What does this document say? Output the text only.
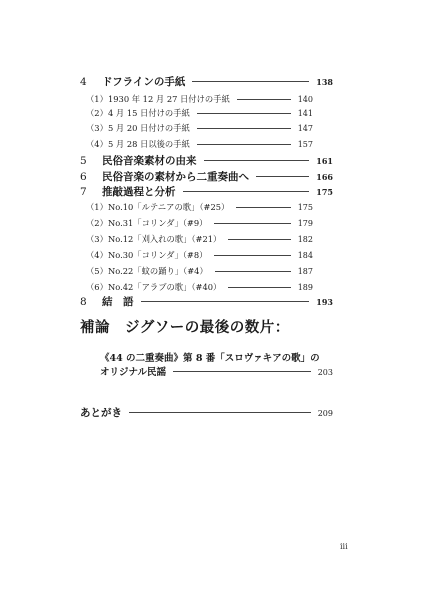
4	ドフラインの手紙	138
（1） 1930 年 12 月 27 日付けの手紙	140
（2） 4 月 15 日付けの手紙	141
（3） 5 月 20 日付けの手紙	147
（4） 5 月 28 日以後の手紙	157
5	民俗音楽素材の由来	161
6	民俗音楽の素材から二重奏曲へ	166
7	推敲過程と分析	175
（1） No.10「ルテニアの歌」（#25）	175
（2） No.31「コリンダ」（#9）	179
（3） No.12「刈入れの歌」（#21）	182
（4） No.30「コリンダ」（#8）	184
（5） No.22「蚊の踊り」（#4）	187
（6） No.42「アラブの歌」（#40）	189
8	結　語	193
補論　ジグソーの最後の数片：
《44 の二重奏曲》第 8 番「スロヴァキアの歌」の
オリジナル民謡	203
あとがき	209
iii
